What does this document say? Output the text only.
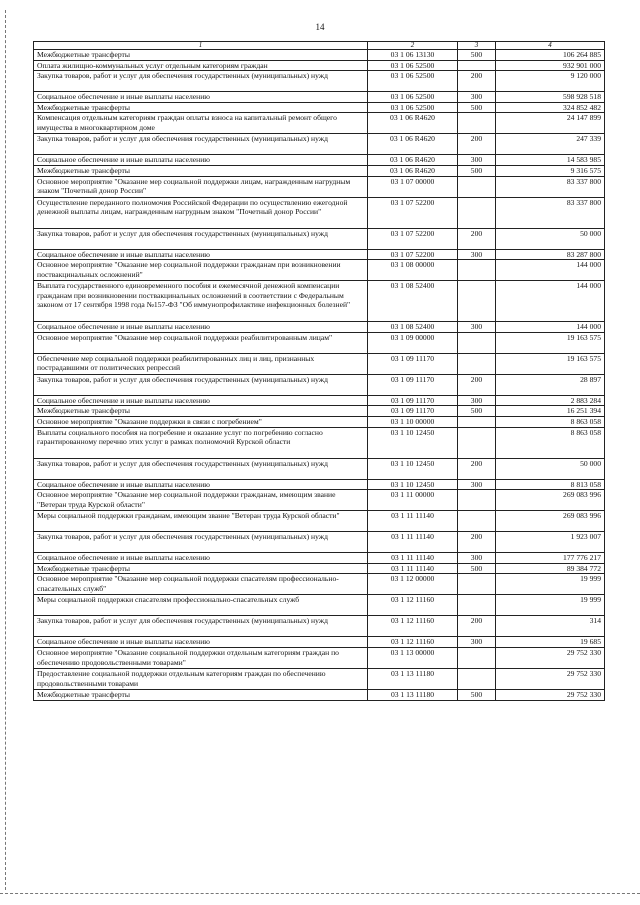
14
1	2	3	4
Межбюджетные трансферты	03 1 06 13130	500	106 264 885
Оплата жилищно-коммунальных услуг отдельным категориям граждан	03 1 06 52500		932 901 000
Закупка товаров, работ и услуг для обеспечения государственных (муниципальных) нужд	03 1 06 52500	200	9 120 000
Социальное обеспечение и иные выплаты населению	03 1 06 52500	300	598 928 518
Межбюджетные трансферты	03 1 06 52500	500	324 852 482
Компенсация отдельным категориям граждан оплаты взноса на капитальный ремонт общего имущества в многоквартирном доме	03 1 06 R4620		24 147 899
Закупка товаров, работ и услуг для обеспечения государственных (муниципальных) нужд	03 1 06 R4620	200	247 339
Социальное обеспечение и иные выплаты населению	03 1 06 R4620	300	14 583 985
Межбюджетные трансферты	03 1 06 R4620	500	9 316 575
Основное мероприятие "Оказание мер социальной поддержки лицам, награжденным нагрудным знаком "Почетный донор России"	03 1 07 00000		83 337 800
Осуществление переданного полномочия Российской Федерации по осуществлению ежегодной денежной выплаты лицам, награжденным нагрудным знаком "Почетный донор России"	03 1 07 52200		83 337 800
Закупка товаров, работ и услуг для обеспечения государственных (муниципальных) нужд	03 1 07 52200	200	50 000
Социальное обеспечение и иные выплаты населению	03 1 07 52200	300	83 287 800
Основное мероприятие "Оказание мер социальной поддержки гражданам при возникновении поствакцинальных осложнений"	03 1 08 00000		144 000
Выплата государственного единовременного пособия и ежемесячной денежной компенсации гражданам при возникновении поствакцинальных осложнений в соответствии с Федеральным законом от 17 сентября 1998 года №157-ФЗ "Об иммунопрофилактике инфекционных болезней"	03 1 08 52400		144 000
Социальное обеспечение и иные выплаты населению	03 1 08 52400	300	144 000
Основное мероприятие "Оказание мер социальной поддержки реабилитированным лицам"	03 1 09 00000		19 163 575
Обеспечение мер социальной поддержки реабилитированных лиц и лиц, признанных пострадавшими от политических репрессий	03 1 09 11170		19 163 575
Закупка товаров, работ и услуг для обеспечения государственных (муниципальных) нужд	03 1 09 11170	200	28 897
Социальное обеспечение и иные выплаты населению	03 1 09 11170	300	2 883 284
Межбюджетные трансферты	03 1 09 11170	500	16 251 394
Основное мероприятие "Оказание поддержки в связи с погребением"	03 1 10 00000		8 863 058
Выплаты социального пособия на погребение и оказание услуг по погребению согласно гарантированному перечню этих услуг в рамках полномочий Курской области	03 1 10 12450		8 863 058
Закупка товаров, работ и услуг для обеспечения государственных (муниципальных) нужд	03 1 10 12450	200	50 000
Социальное обеспечение и иные выплаты населению	03 1 10 12450	300	8 813 058
Основное мероприятие "Оказание мер социальной поддержки гражданам, имеющим звание "Ветеран труда Курской области"	03 1 11 00000		269 083 996
Меры социальной поддержки гражданам, имеющим звание "Ветеран труда Курской области"	03 1 11 11140		269 083 996
Закупка товаров, работ и услуг для обеспечения государственных (муниципальных) нужд	03 1 11 11140	200	1 923 007
Социальное обеспечение и иные выплаты населению	03 1 11 11140	300	177 776 217
Межбюджетные трансферты	03 1 11 11140	500	89 384 772
Основное мероприятие "Оказание мер социальной поддержки спасателям профессионально-спасательных служб"	03 1 12 00000		19 999
Меры социальной поддержки спасателям профессионально-спасательных служб	03 1 12 11160		19 999
Закупка товаров, работ и услуг для обеспечения государственных (муниципальных) нужд	03 1 12 11160	200	314
Социальное обеспечение и иные выплаты населению	03 1 12 11160	300	19 685
Основное мероприятие "Оказание социальной поддержки отдельным категориям граждан по обеспечению продовольственными товарами"	03 1 13 00000		29 752 330
Предоставление социальной поддержки отдельным категориям граждан по обеспечению продовольственными товарами	03 1 13 11180		29 752 330
Межбюджетные трансферты	03 1 13 11180	500	29 752 330
